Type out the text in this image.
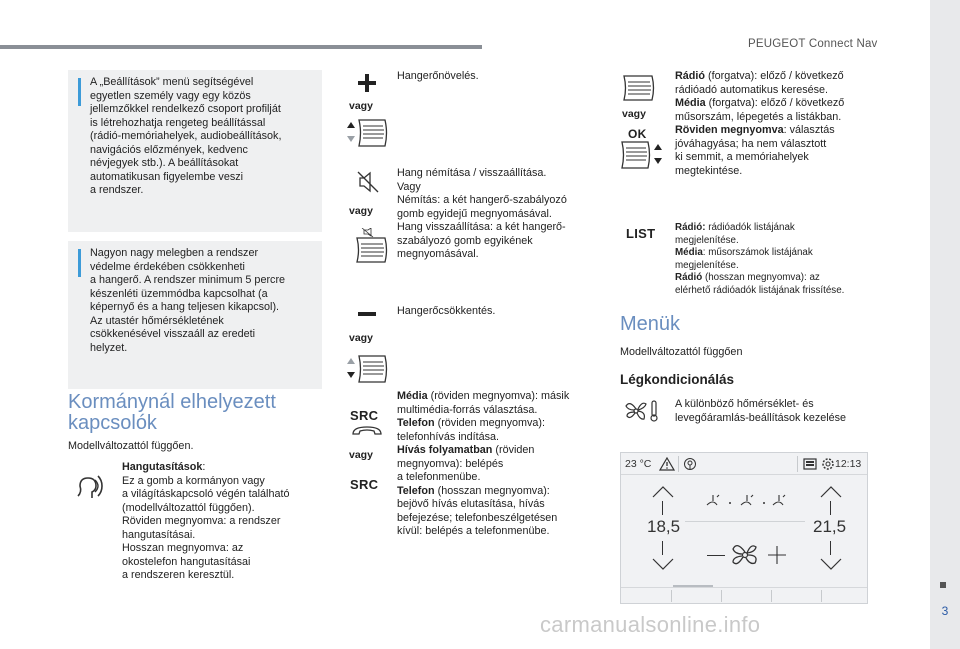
PEUGEOT Connect Nav
3
carmanualsonline.info
A „Beállítások” menü segítségével
egyetlen személy vagy egy közös
jellemzőkkel rendelkező csoport profilját
is létrehozhatja rengeteg beállítással
(rádió-memóriahelyek, audiobeállítások,
navigációs előzmények, kedvenc
névjegyek stb.). A beállításokat
automatikusan figyelembe veszi
a rendszer.
Nagyon nagy melegben a rendszer
védelme érdekében csökkenheti
a hangerő. A rendszer minimum 5 percre
készenléti üzemmódba kapcsolhat (a
képernyő és a hang teljesen kikapcsol).
Az utastér hőmérsékletének
csökkenésével visszaáll az eredeti
helyzet.
Kormánynál elhelyezett
kapcsolók
Modellváltozattól függően.
Hangutasítások:
Ez a gomb a kormányon vagy
a világításkapcsoló végén található
(modellváltozattól függően).
Röviden megnyomva: a rendszer
hangutasításai.
Hosszan megnyomva: az
okostelefon hangutasításai
a rendszeren keresztül.
vagy
Hangerőnövelés.
vagy
Hang némítása / visszaállítása.
Vagy
Némítás: a két hangerő-szabályozó
gomb egyidejű megnyomásával.
Hang visszaállítása: a két hangerő-
szabályozó gomb egyikének
megnyomásával.
vagy
Hangerőcsökkentés.
SRC
vagy
SRC
Média (röviden megnyomva): másik
multimédia-forrás választása.
Telefon (röviden megnyomva):
telefonhívás indítása.
Hívás folyamatban (röviden
megnyomva): belépés
a telefonmenübe.
Telefon (hosszan megnyomva):
bejövő hívás elutasítása, hívás
befejezése; telefonbeszélgetésen
kívül: belépés a telefonmenübe.
vagy
OK
Rádió (forgatva): előző / következő
rádióadó automatikus keresése.
Média (forgatva): előző / következő
műsorszám, lépegetés a listákban.
Röviden megnyomva: választás
jóváhagyása; ha nem választott
ki semmit, a memóriahelyek
megtekintése.
LIST Rádió: rádióadók listájának
megjelenítése.
Média: műsorszámok listájának
megjelenítése.
Rádió (hosszan megnyomva): az
elérhető rádióadók listájának frissítése.
Menük
Modellváltozattól függően
Légkondicionálás
A különböző hőmérséklet- és
levegőáramlás-beállítások kezelése
23 °C	12:13
18,5	21,5
